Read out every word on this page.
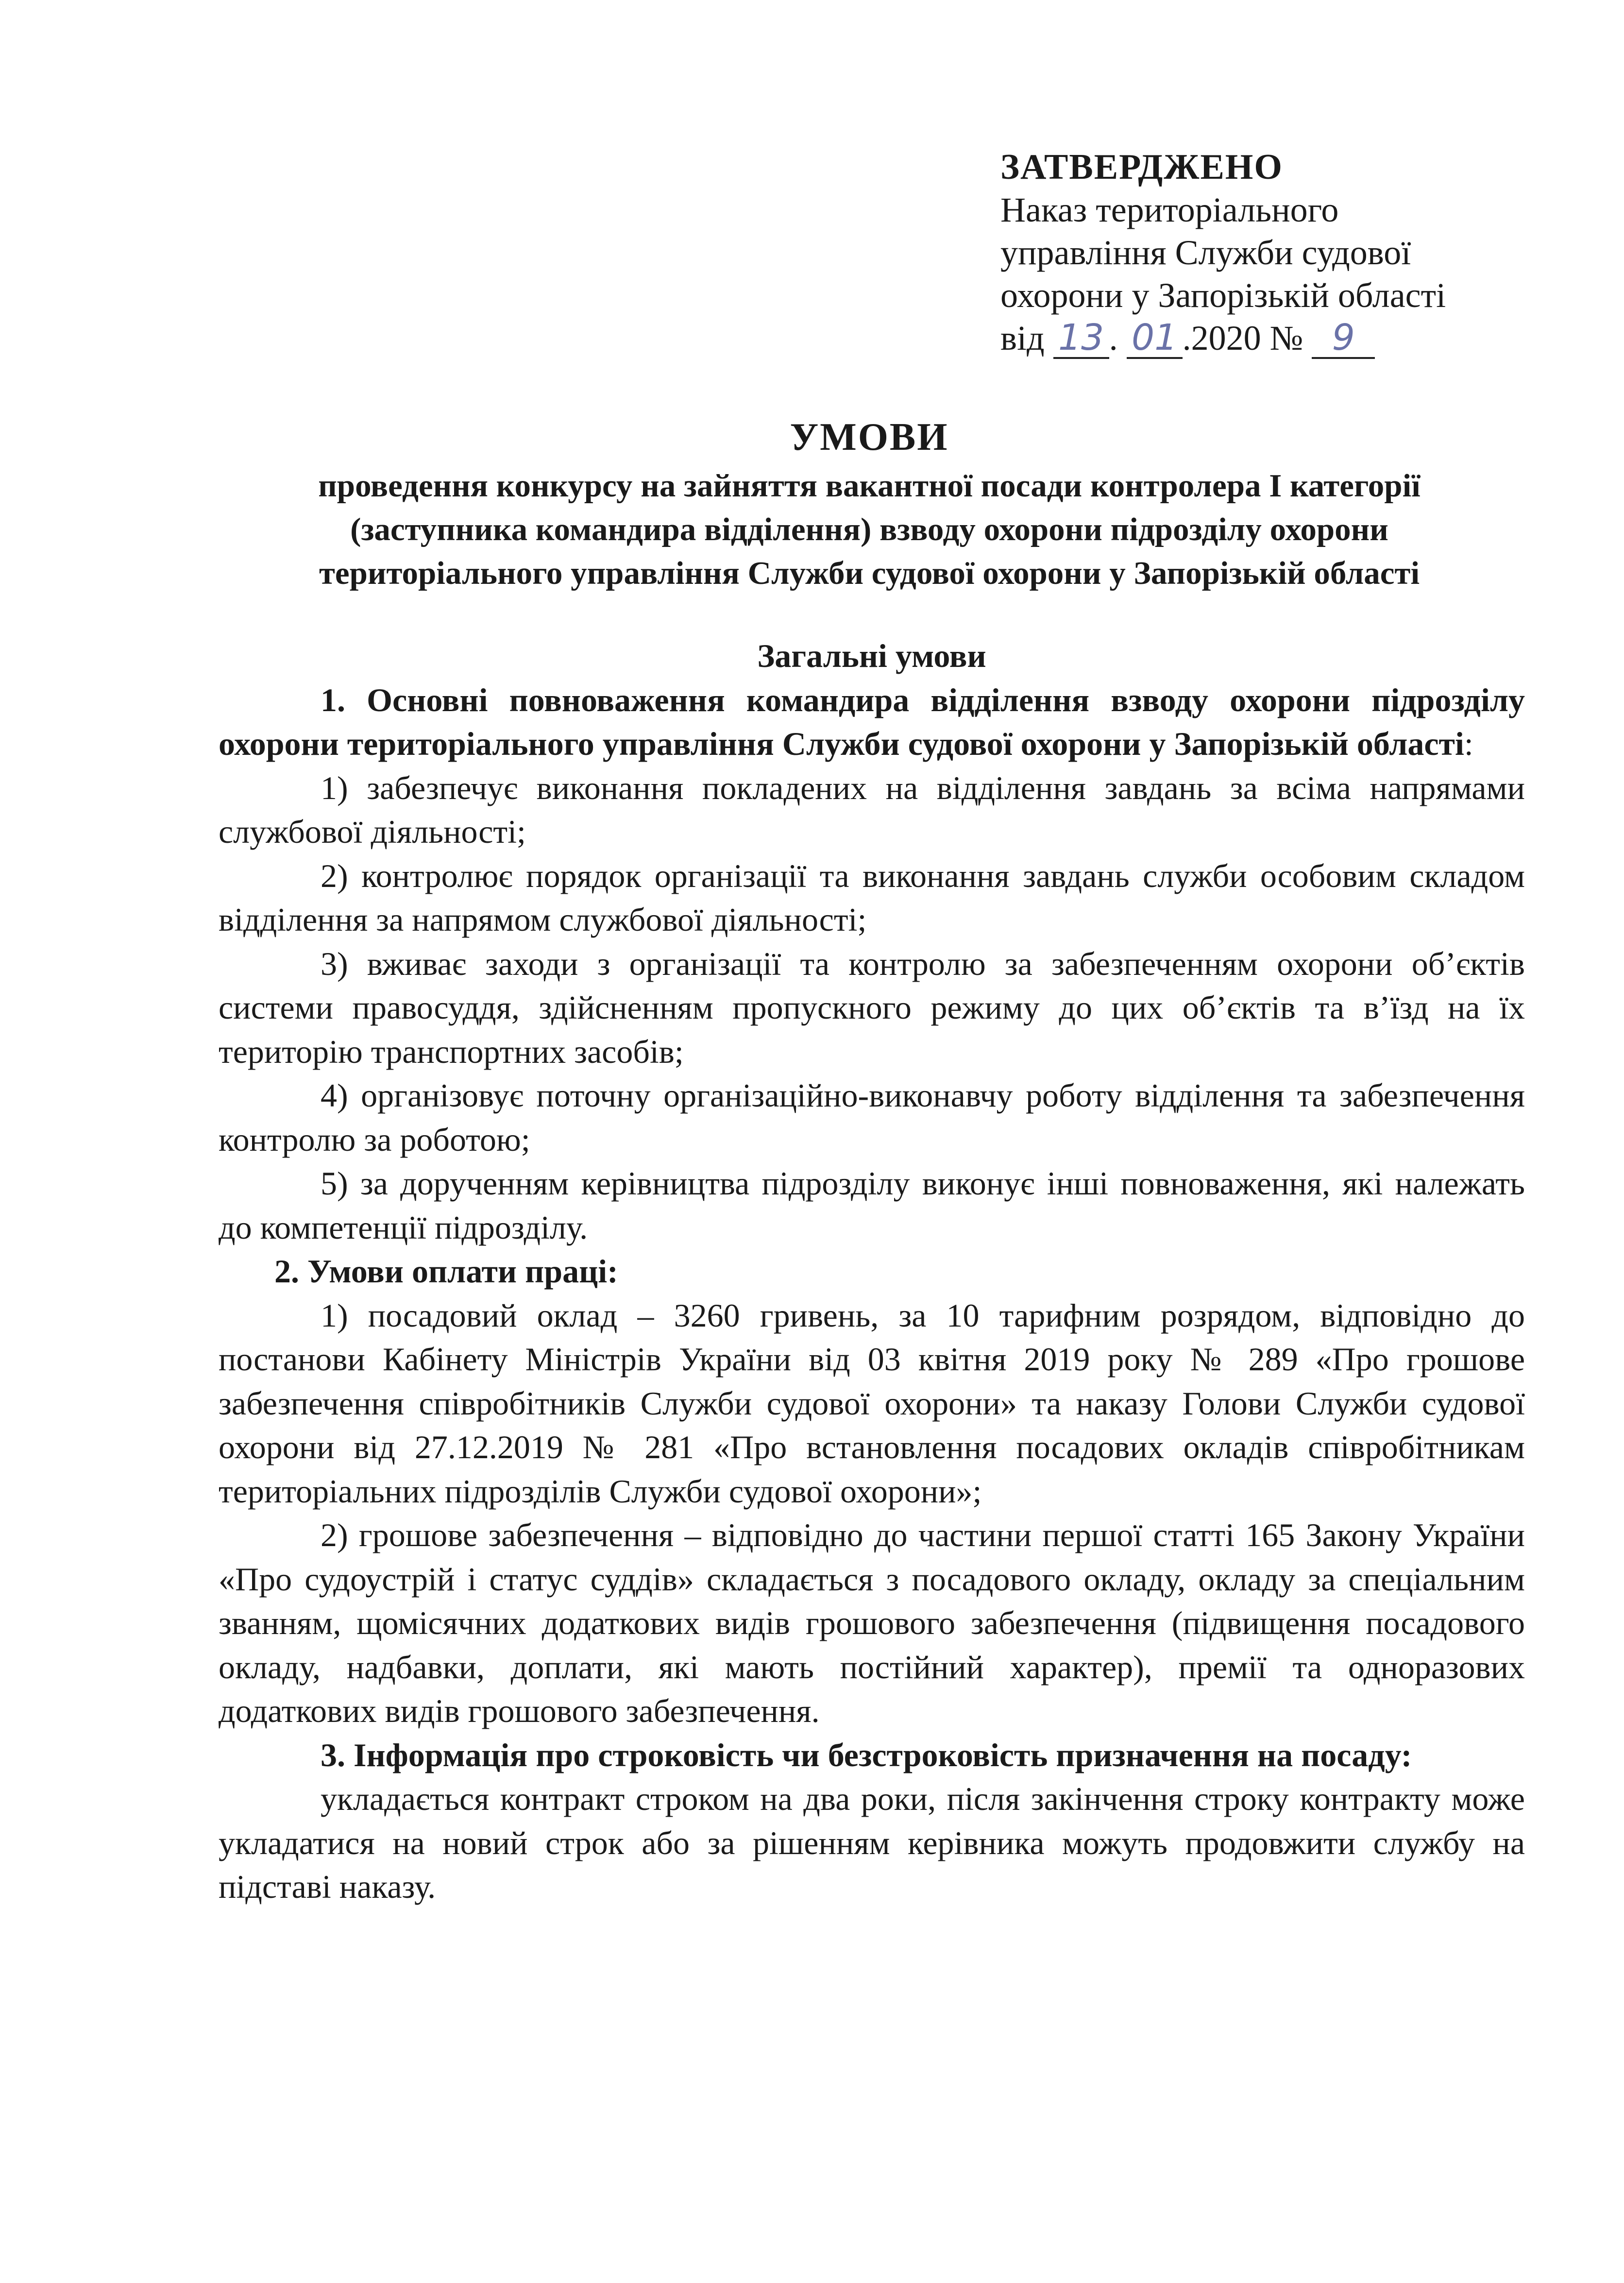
ЗАТВЕРДЖЕНО
Наказ територіального
управління Служби судової
охорони у Запорізькій області
від 13 . 01 .2020 № 9
УМОВИ
проведення конкурсу на зайняття вакантної посади контролера І категорії
(заступника командира відділення) взводу охорони підрозділу охорони
територіального управління Служби судової охорони у Запорізькій області
Загальні умови

1. Основні повноваження командира відділення взводу охорони підрозділу охорони територіального управління Служби судової охорони у Запорізькій області:

1) забезпечує виконання покладених на відділення завдань за всіма напрямами службової діяльності;

2) контролює порядок організації та виконання завдань служби особовим складом відділення за напрямом службової діяльності;

3) вживає заходи з організації та контролю за забезпеченням охорони об’єктів системи правосуддя, здійсненням пропускного режиму до цих об’єктів та в’їзд на їх територію транспортних засобів;

4) організовує поточну організаційно-виконавчу роботу відділення та забезпечення контролю за роботою;

5) за дорученням керівництва підрозділу виконує інші повноваження, які належать до компетенції підрозділу.

2. Умови оплати праці:

1) посадовий оклад – 3260 гривень, за 10 тарифним розрядом, відповідно до постанови Кабінету Міністрів України від 03 квітня 2019 року № 289 «Про грошове забезпечення співробітників Служби судової охорони» та наказу Голови Служби судової охорони від 27.12.2019 № 281 «Про встановлення посадових окладів співробітникам територіальних підрозділів Служби судової охорони»;

2) грошове забезпечення – відповідно до частини першої статті 165 Закону України «Про судоустрій і статус суддів» складається з посадового окладу, окладу за спеціальним званням, щомісячних додаткових видів грошового забезпечення (підвищення посадового окладу, надбавки, доплати, які мають постійний характер), премії та одноразових додаткових видів грошового забезпечення.

3. Інформація про строковість чи безстроковість призначення на посаду:

укладається контракт строком на два роки, після закінчення строку контракту може укладатися на новий строк або за рішенням керівника можуть продовжити службу на підставі наказу.
